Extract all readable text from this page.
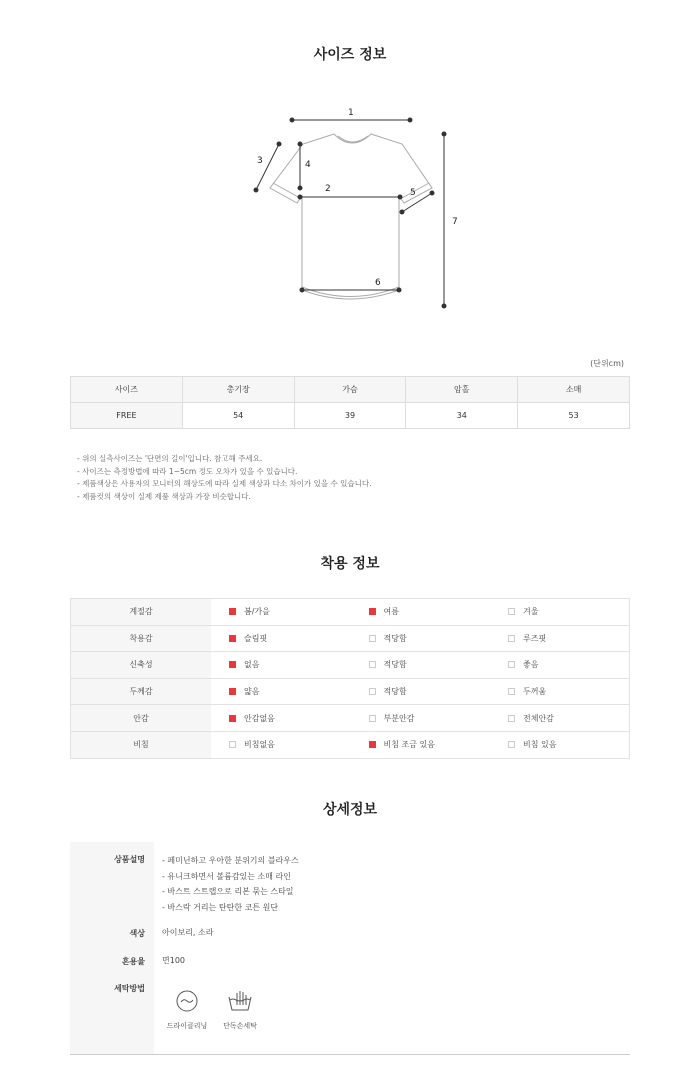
사이즈 정보
1
2
3	4
5
6
7
(단위cm)
사이즈	총기장	가슴	암홀	소매
FREE	54	39	34	53
- 위의 실측사이즈는 '단면의 길이'입니다. 참고해 주세요.
- 사이즈는 측정방법에 따라 1~5cm 정도 오차가 있을 수 있습니다.
- 제품색상은 사용자의 모니터의 해상도에 따라 실제 색상과 다소 차이가 있을 수 있습니다.
- 제품컷의 색상이 실제 제품 색상과 가장 비슷합니다.
착용 정보
계절감	봄/가을	여름	겨울

착용감	슬림핏	적당함	루즈핏

신축성	없음	적당함	좋음

두께감	얇음	적당함	두꺼움

안감	안감없음	부분안감	전체안감

비침	비침없음	비침 조금 있음	비침 있음
상세정보
상품설명 - 페미닌하고 우아한 분위기의 블라우스
- 유니크하면서 볼륨감있는 소매 라인
- 바스트 스트랩으로 리본 묶는 스타일
- 바스락 거리는 탄탄한 코튼 원단
색상 아이보리, 소라
혼용율 면100
세탁방법
드라이클리닝	단독손세탁
